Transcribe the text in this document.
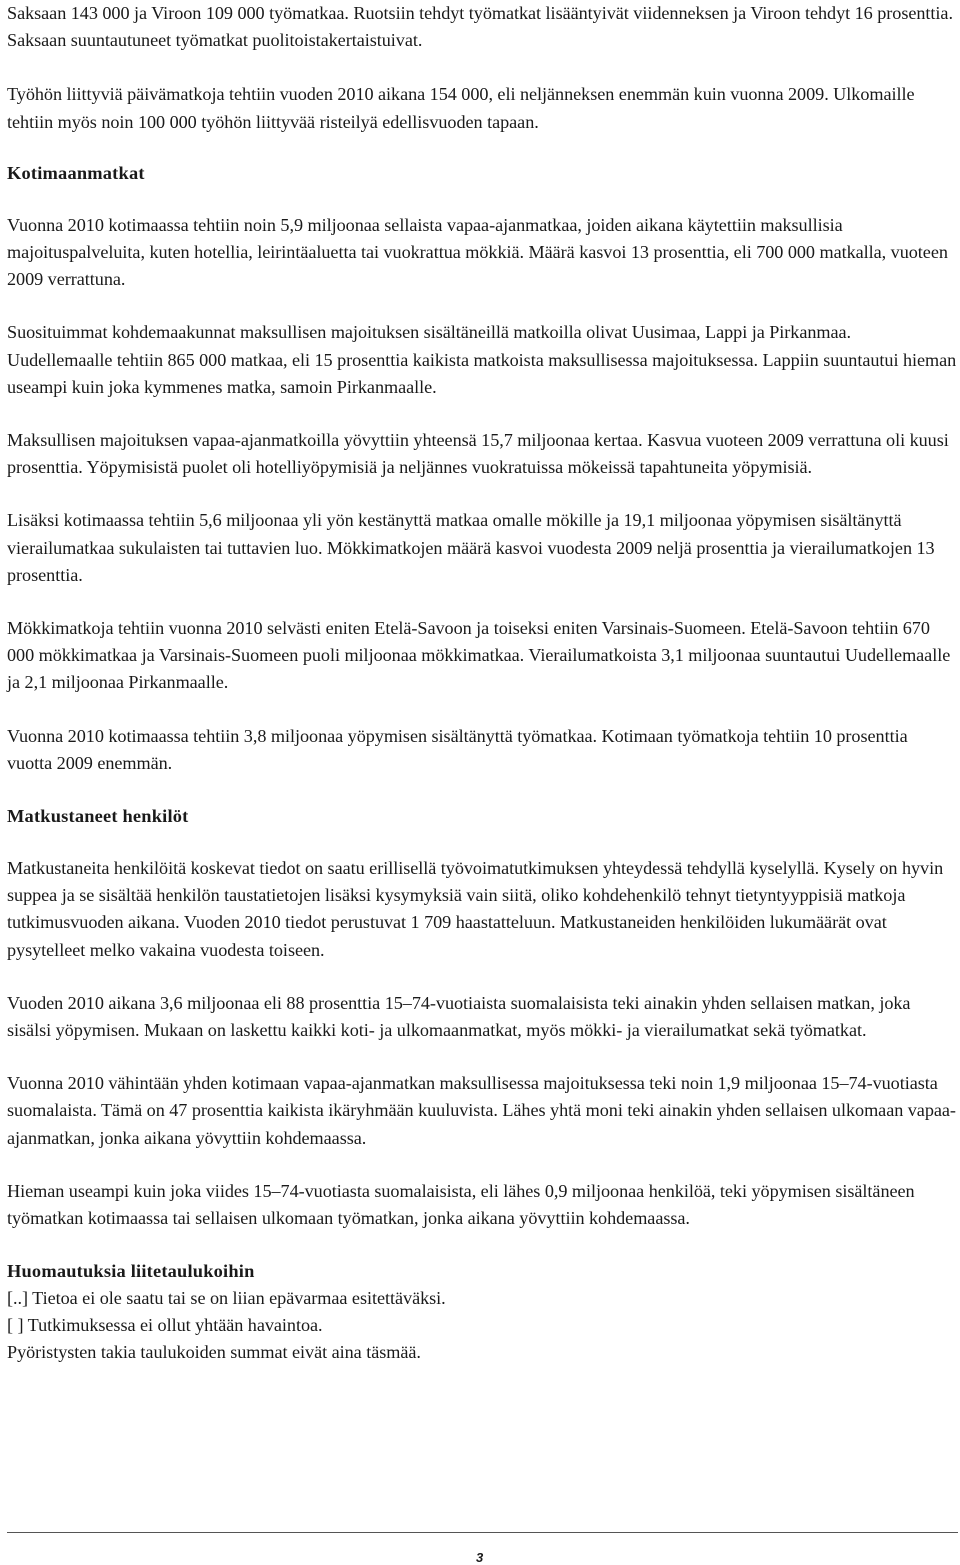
Saksaan 143 000 ja Viroon 109 000 työmatkaa. Ruotsiin tehdyt työmatkat lisääntyivät viidenneksen ja Viroon tehdyt 16 prosenttia. Saksaan suuntautuneet työmatkat puolitoistakertaistuivat.

Työhön liittyviä päivämatkoja tehtiin vuoden 2010 aikana 154 000, eli neljänneksen enemmän kuin vuonna 2009. Ulkomaille tehtiin myös noin 100 000 työhön liittyvää risteilyä edellisvuoden tapaan.

Kotimaanmatkat

Vuonna 2010 kotimaassa tehtiin noin 5,9 miljoonaa sellaista vapaa-ajanmatkaa, joiden aikana käytettiin maksullisia majoituspalveluita, kuten hotellia, leirintäaluetta tai vuokrattua mökkiä. Määrä kasvoi 13 prosenttia, eli 700 000 matkalla, vuoteen 2009 verrattuna.

Suosituimmat kohdemaakunnat maksullisen majoituksen sisältäneillä matkoilla olivat Uusimaa, Lappi ja Pirkanmaa. Uudellemaalle tehtiin 865 000 matkaa, eli 15 prosenttia kaikista matkoista maksullisessa majoituksessa. Lappiin suuntautui hieman useampi kuin joka kymmenes matka, samoin Pirkanmaalle.

Maksullisen majoituksen vapaa-ajanmatkoilla yövyttiin yhteensä 15,7 miljoonaa kertaa. Kasvua vuoteen 2009 verrattuna oli kuusi prosenttia. Yöpymisistä puolet oli hotelliyöpymisiä ja neljännes vuokratuissa mökeissä tapahtuneita yöpymisiä.

Lisäksi kotimaassa tehtiin 5,6 miljoonaa yli yön kestänyttä matkaa omalle mökille ja 19,1 miljoonaa yöpymisen sisältänyttä vierailumatkaa sukulaisten tai tuttavien luo. Mökkimatkojen määrä kasvoi vuodesta 2009 neljä prosenttia ja vierailumatkojen 13 prosenttia.

Mökkimatkoja tehtiin vuonna 2010 selvästi eniten Etelä-Savoon ja toiseksi eniten Varsinais-Suomeen. Etelä-Savoon tehtiin 670 000 mökkimatkaa ja Varsinais-Suomeen puoli miljoonaa mökkimatkaa. Vierailumatkoista 3,1 miljoonaa suuntautui Uudellemaalle ja 2,1 miljoonaa Pirkanmaalle.

Vuonna 2010 kotimaassa tehtiin 3,8 miljoonaa yöpymisen sisältänyttä työmatkaa. Kotimaan työmatkoja tehtiin 10 prosenttia vuotta 2009 enemmän.

Matkustaneet henkilöt

Matkustaneita henkilöitä koskevat tiedot on saatu erillisellä työvoimatutkimuksen yhteydessä tehdyllä kyselyllä. Kysely on hyvin suppea ja se sisältää henkilön taustatietojen lisäksi kysymyksiä vain siitä, oliko kohdehenkilö tehnyt tietyntyyppisiä matkoja tutkimusvuoden aikana. Vuoden 2010 tiedot perustuvat 1 709 haastatteluun. Matkustaneiden henkilöiden lukumäärät ovat pysytelleet melko vakaina vuodesta toiseen.

Vuoden 2010 aikana 3,6 miljoonaa eli 88 prosenttia 15–74-vuotiaista suomalaisista teki ainakin yhden sellaisen matkan, joka sisälsi yöpymisen. Mukaan on laskettu kaikki koti- ja ulkomaanmatkat, myös mökki- ja vierailumatkat sekä työmatkat.

Vuonna 2010 vähintään yhden kotimaan vapaa-ajanmatkan maksullisessa majoituksessa teki noin 1,9 miljoonaa 15–74-vuotiasta suomalaista. Tämä on 47 prosenttia kaikista ikäryhmään kuuluvista. Lähes yhtä moni teki ainakin yhden sellaisen ulkomaan vapaa-ajanmatkan, jonka aikana yövyttiin kohdemaassa.

Hieman useampi kuin joka viides 15–74-vuotiasta suomalaisista, eli lähes 0,9 miljoonaa henkilöä, teki yöpymisen sisältäneen työmatkan kotimaassa tai sellaisen ulkomaan työmatkan, jonka aikana yövyttiin kohdemaassa.

Huomautuksia liitetaulukoihin

[..] Tietoa ei ole saatu tai se on liian epävarmaa esitettäväksi.

[ ] Tutkimuksessa ei ollut yhtään havaintoa.

Pyöristysten takia taulukoiden summat eivät aina täsmää.

3
